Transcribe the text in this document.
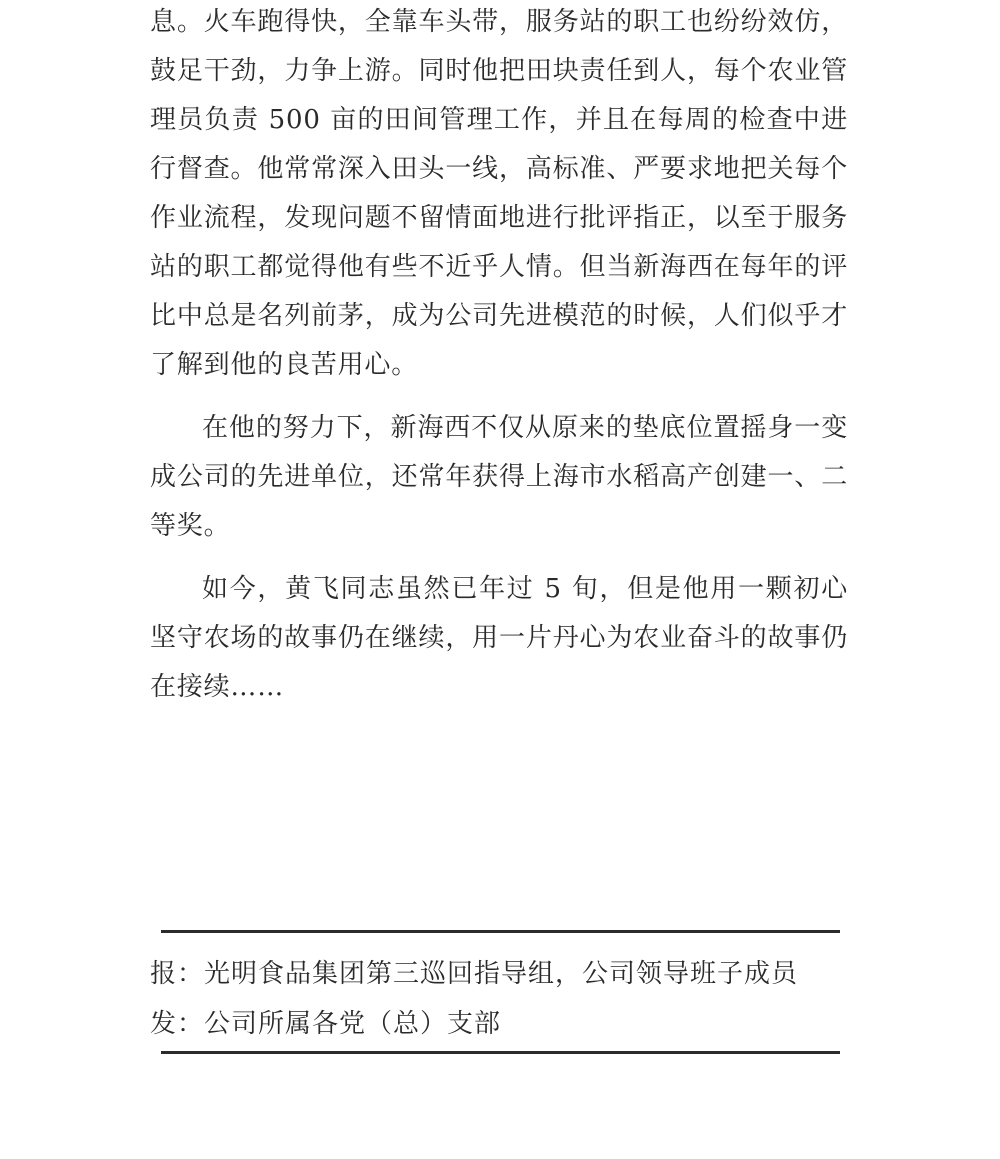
息。火车跑得快，全靠车头带，服务站的职工也纷纷效仿，鼓足干劲，力争上游。同时他把田块责任到人，每个农业管理员负责 500 亩的田间管理工作，并且在每周的检查中进行督查。他常常深入田头一线，高标准、严要求地把关每个作业流程，发现问题不留情面地进行批评指正，以至于服务站的职工都觉得他有些不近乎人情。但当新海西在每年的评比中总是名列前茅，成为公司先进模范的时候，人们似乎才了解到他的良苦用心。

在他的努力下，新海西不仅从原来的垫底位置摇身一变成公司的先进单位，还常年获得上海市水稻高产创建一、二等奖。

如今，黄飞同志虽然已年过 5 旬，但是他用一颗初心坚守农场的故事仍在继续，用一片丹心为农业奋斗的故事仍在接续……

报：光明食品集团第三巡回指导组，公司领导班子成员

发：公司所属各党（总）支部
